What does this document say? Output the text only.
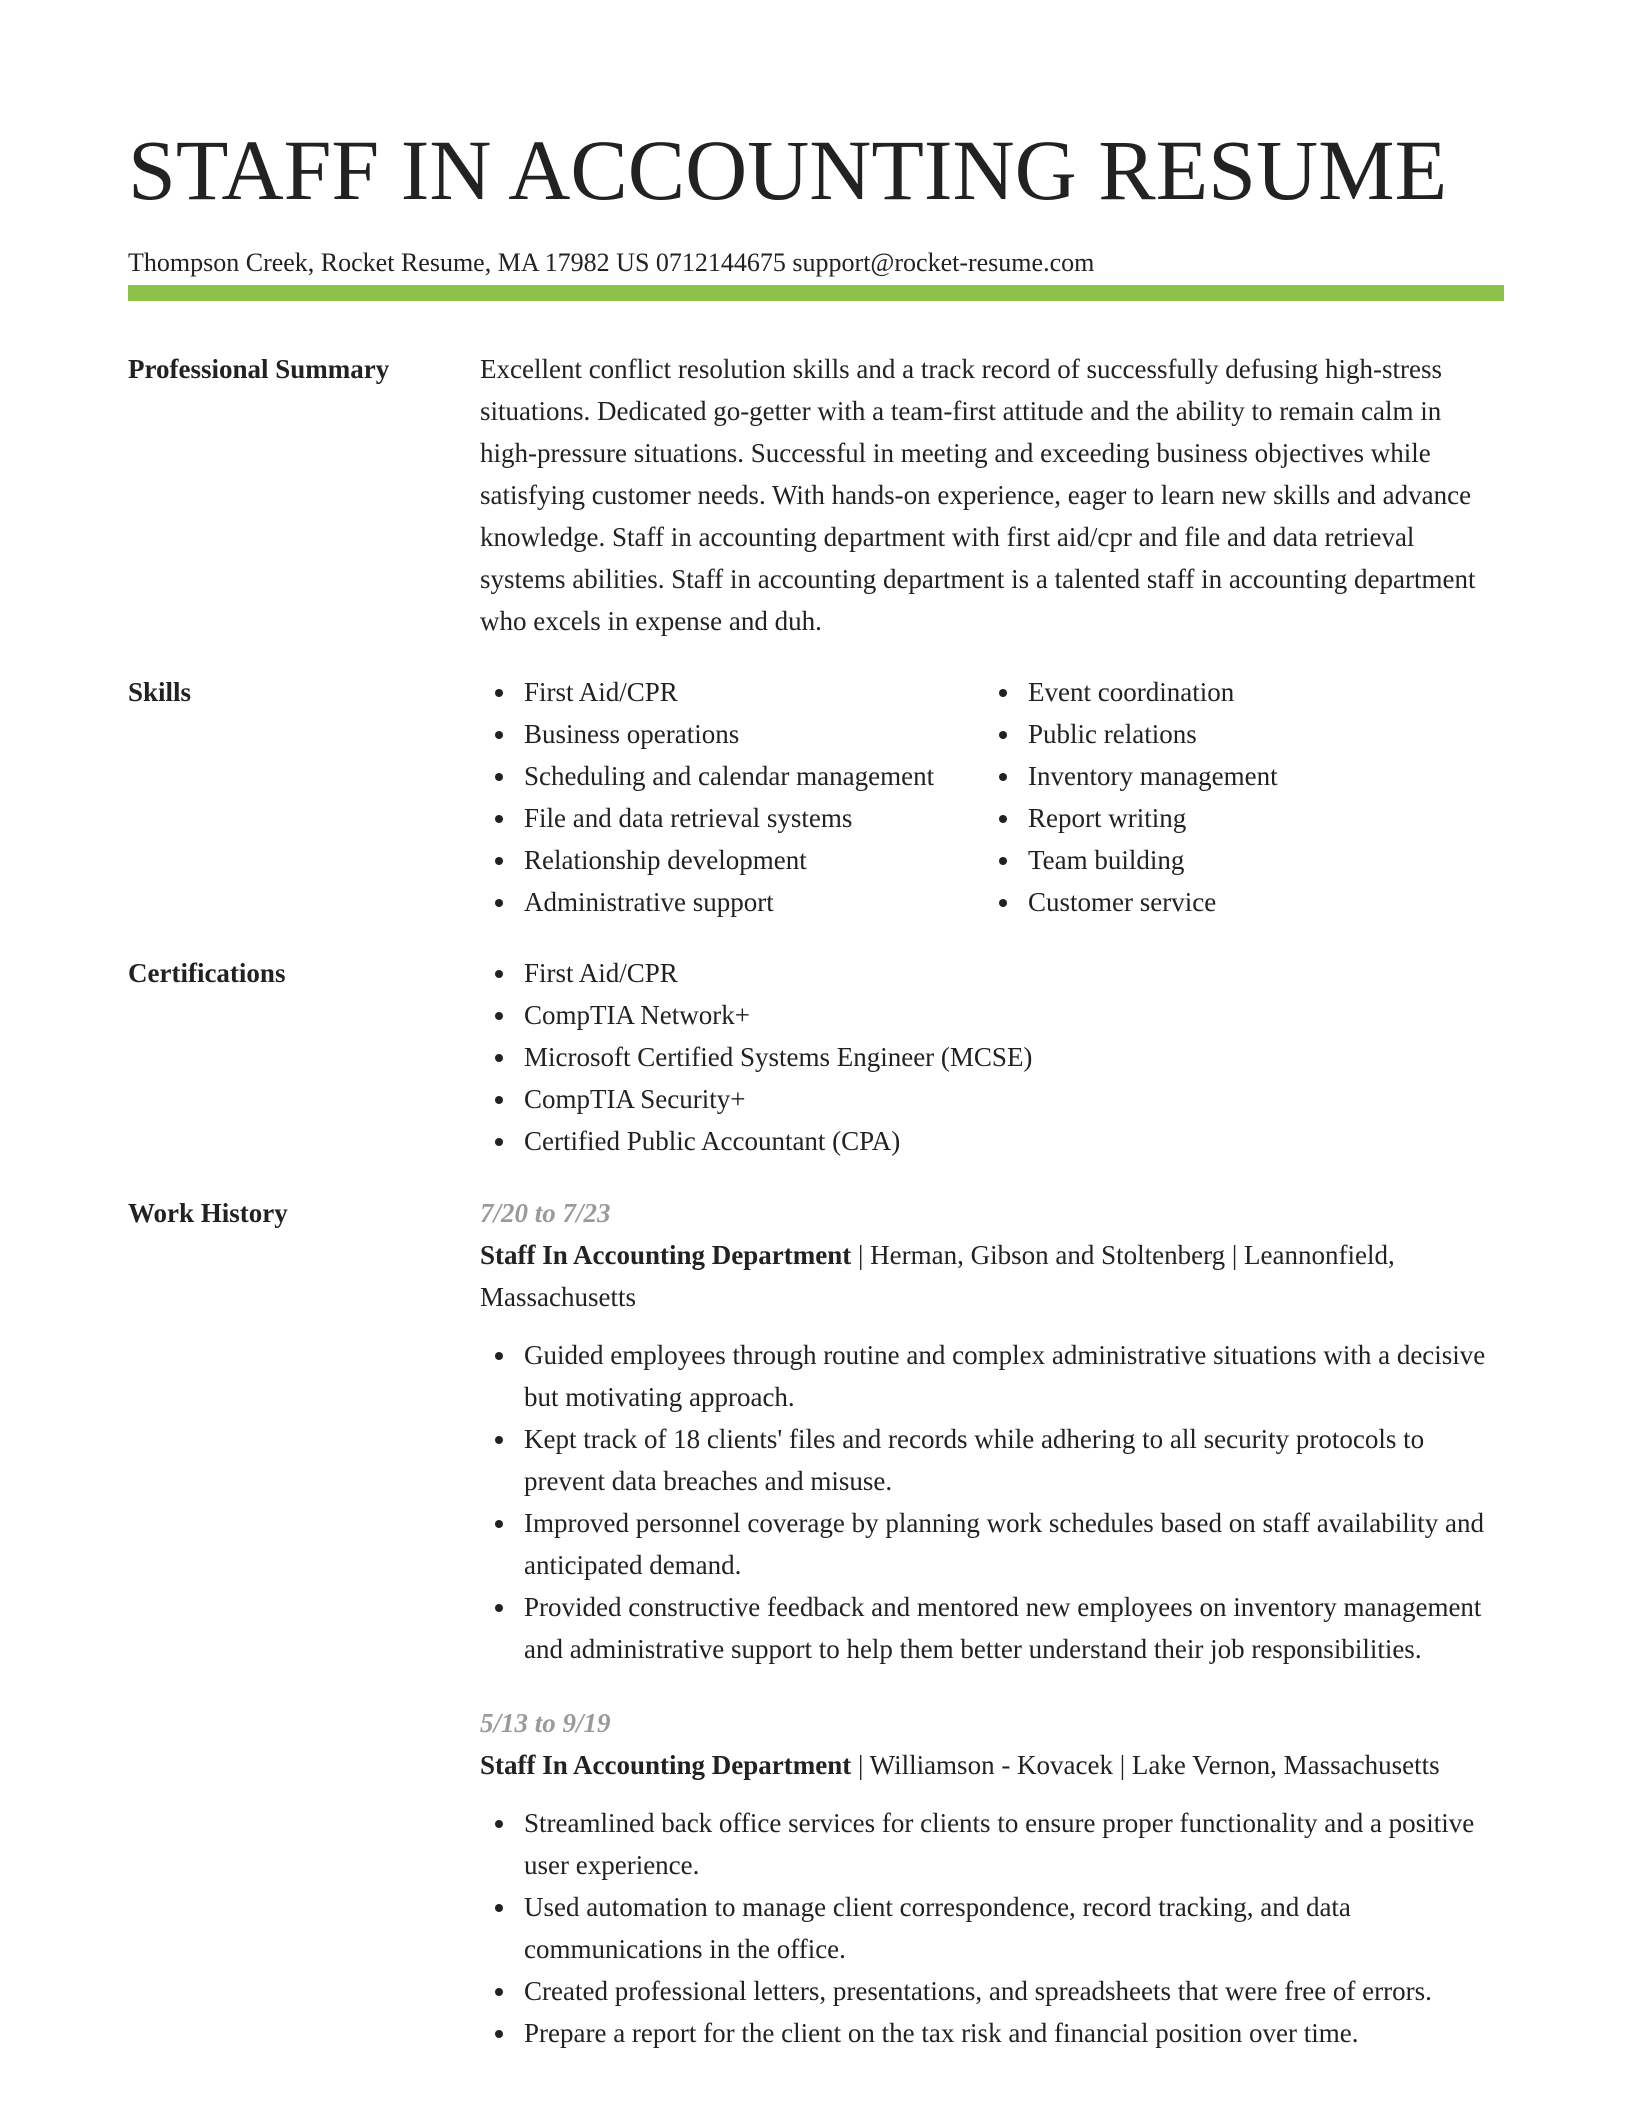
STAFF IN ACCOUNTING RESUME
Thompson Creek, Rocket Resume, MA 17982 US 0712144675 support@rocket-resume.com
Professional Summary	Excellent conflict resolution skills and a track record of successfully defusing high-stress situations. Dedicated go-getter with a team-first attitude and the ability to remain calm in high-pressure situations. Successful in meeting and exceeding business objectives while satisfying customer needs. With hands-on experience, eager to learn new skills and advance knowledge. Staff in accounting department with first aid/cpr and file and data retrieval systems abilities. Staff in accounting department is a talented staff in accounting department who excels in expense and duh.

Skills	First Aid/CPR
Business operations
Scheduling and calendar management
File and data retrieval systems
Relationship development
Administrative support
Event coordination
Public relations
Inventory management
Report writing
Team building
Customer service
Certifications	First Aid/CPR
CompTIA Network+
Microsoft Certified Systems Engineer (MCSE)
CompTIA Security+
Certified Public Accountant (CPA)
Work History	7/20 to 7/23

Staff In Accounting Department | Herman, Gibson and Stoltenberg | Leannonfield, Massachusetts

Guided employees through routine and complex administrative situations with a decisive but motivating approach.
Kept track of 18 clients' files and records while adhering to all security protocols to prevent data breaches and misuse.
Improved personnel coverage by planning work schedules based on staff availability and anticipated demand.
Provided constructive feedback and mentored new employees on inventory management and administrative support to help them better understand their job responsibilities.
5/13 to 9/19

Staff In Accounting Department | Williamson - Kovacek | Lake Vernon, Massachusetts

Streamlined back office services for clients to ensure proper functionality and a positive user experience.
Used automation to manage client correspondence, record tracking, and data communications in the office.
Created professional letters, presentations, and spreadsheets that were free of errors.
Prepare a report for the client on the tax risk and financial position over time.
